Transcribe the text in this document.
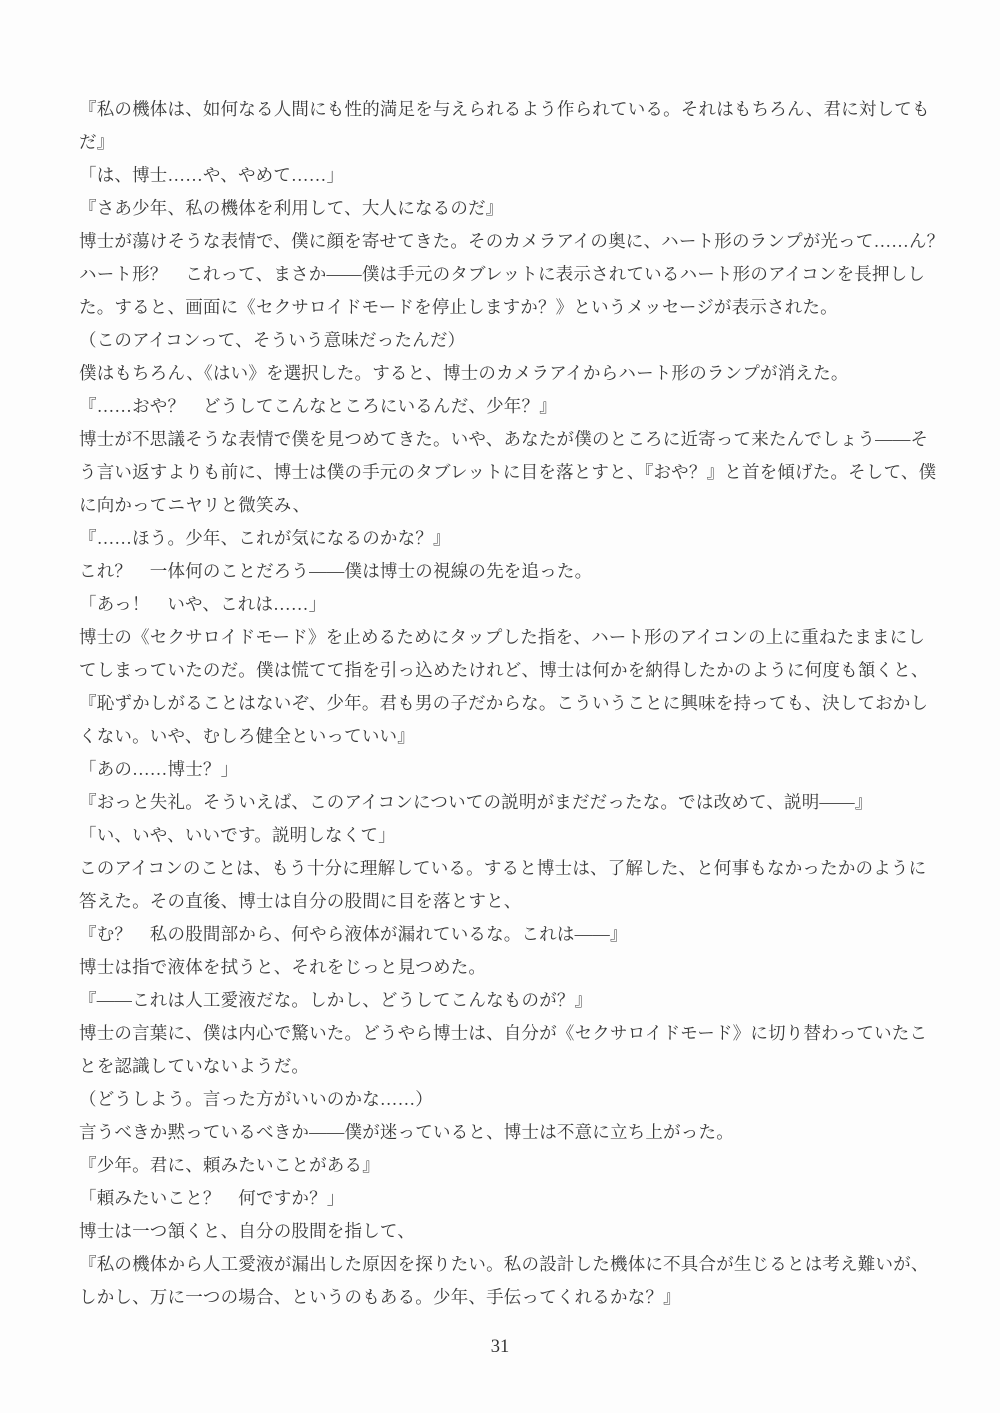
『私の機体は、如何なる人間にも性的満足を与えられるよう作られている。それはもちろん、君に対しても
だ』
「は、博士……や、やめて……」
『さあ少年、私の機体を利用して、大人になるのだ』
博士が蕩けそうな表情で、僕に顔を寄せてきた。そのカメラアイの奥に、ハート形のランプが光って……ん？
ハート形？　これって、まさか――僕は手元のタブレットに表示されているハート形のアイコンを長押しし
た。すると、画面に《セクサロイドモードを停止しますか？》というメッセージが表示された。
（このアイコンって、そういう意味だったんだ）
僕はもちろん、《はい》を選択した。すると、博士のカメラアイからハート形のランプが消えた。
『……おや？　どうしてこんなところにいるんだ、少年？』
博士が不思議そうな表情で僕を見つめてきた。いや、あなたが僕のところに近寄って来たんでしょう――そ
う言い返すよりも前に、博士は僕の手元のタブレットに目を落とすと、『おや？』と首を傾げた。そして、僕
に向かってニヤリと微笑み、
『……ほう。少年、これが気になるのかな？』
これ？　一体何のことだろう――僕は博士の視線の先を追った。
「あっ！　いや、これは……」
博士の《セクサロイドモード》を止めるためにタップした指を、ハート形のアイコンの上に重ねたままにし
てしまっていたのだ。僕は慌てて指を引っ込めたけれど、博士は何かを納得したかのように何度も頷くと、
『恥ずかしがることはないぞ、少年。君も男の子だからな。こういうことに興味を持っても、決しておかし
くない。いや、むしろ健全といっていい』
「あの……博士？」
『おっと失礼。そういえば、このアイコンについての説明がまだだったな。では改めて、説明――』
「い、いや、いいです。説明しなくて」
このアイコンのことは、もう十分に理解している。すると博士は、了解した、と何事もなかったかのように
答えた。その直後、博士は自分の股間に目を落とすと、
『む？　私の股間部から、何やら液体が漏れているな。これは――』
博士は指で液体を拭うと、それをじっと見つめた。
『――これは人工愛液だな。しかし、どうしてこんなものが？』
博士の言葉に、僕は内心で驚いた。どうやら博士は、自分が《セクサロイドモード》に切り替わっていたこ
とを認識していないようだ。
（どうしよう。言った方がいいのかな……）
言うべきか黙っているべきか――僕が迷っていると、博士は不意に立ち上がった。
『少年。君に、頼みたいことがある』
「頼みたいこと？　何ですか？」
博士は一つ頷くと、自分の股間を指して、
『私の機体から人工愛液が漏出した原因を探りたい。私の設計した機体に不具合が生じるとは考え難いが、
しかし、万に一つの場合、というのもある。少年、手伝ってくれるかな？』
31
